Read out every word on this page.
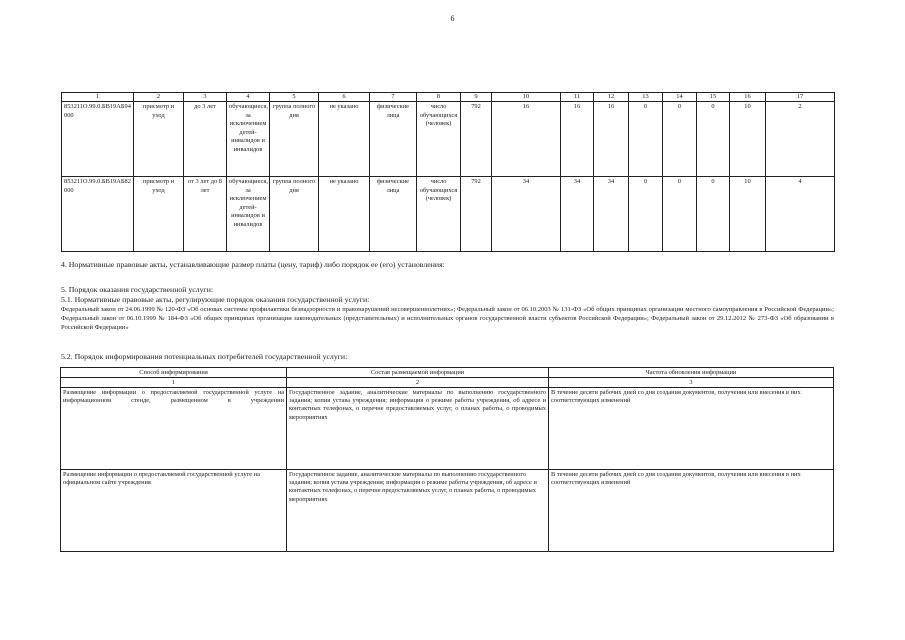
6
1	2	3	4	5	6	7	8	9	10	11	12	13	14	15	16	17
853211О.99.0.БВ19АБ94000	присмотр и уход	до 3 лет	обучающиеся, за исключением детей-инвалидов и инвалидов	группа полного дня	не указано	физические лица	число обучающихся (человек)	792	16	16	16	0	0	0	10	2
853211О.99.0.БВ19АБ82000	присмотр и уход	от 3 лет до 8 лет	обучающиеся, за исключением детей-инвалидов и инвалидов	группа полного дня	не указано	физические лица	число обучающихся (человек)	792	34	34	34	0	0	0	10	4

4. Нормативные правовые акты, устанавливающие размер платы (цену, тариф) либо порядок ее (его) установления:

5. Порядок оказания государственной услуги:

5.1. Нормативные правовые акты, регулирующие порядок оказания государственной услуги:

Федеральный закон от 24.06.1999 № 120-ФЗ «Об основах системы профилактики безнадзорности и правонарушений несовершеннолетних»; Федеральный закон от 06.10.2003 № 131-ФЗ «Об общих принципах организации местного самоуправления в Российской Федерации»; Федеральный закон от 06.10.1999 № 184-ФЗ «Об общих принципах организации законодательных (представительных) и исполнительных органов государственной власти субъектов Российской Федерации»; Федеральный закон от 29.12.2012 № 273-ФЗ «Об образовании в Российской Федерации»

5.2. Порядок информирования потенциальных потребителей государственной услуги:

Способ информирования	Состав размещаемой информации	Частота обновления информации
1	2	3
Размещение информации о предоставляемой государственной услуге на информационном стенде, размещенном в учреждении	Государственное задание, аналитические материалы по выполнению государственного задания; копия устава учреждения; информация о режиме работы учреждения, об адресе и контактных телефонах, о перечне предоставляемых услуг, о планах работы, о проводимых мероприятиях	В течение десяти рабочих дней со дня создания документов, получения или внесения в них соответствующих изменений
Размещение информации о предоставляемой государственной услуге на официальном сайте учреждения	Государственное задание, аналитические материалы по выполнению государственного задания; копия устава учреждения; информация о режиме работы учреждения, об адресе и контактных телефонах, о перечне предоставляемых услуг, о планах работы, о проводимых мероприятиях	В течение десяти рабочих дней со дня создания документов, получения или внесения в них соответствующих изменений
